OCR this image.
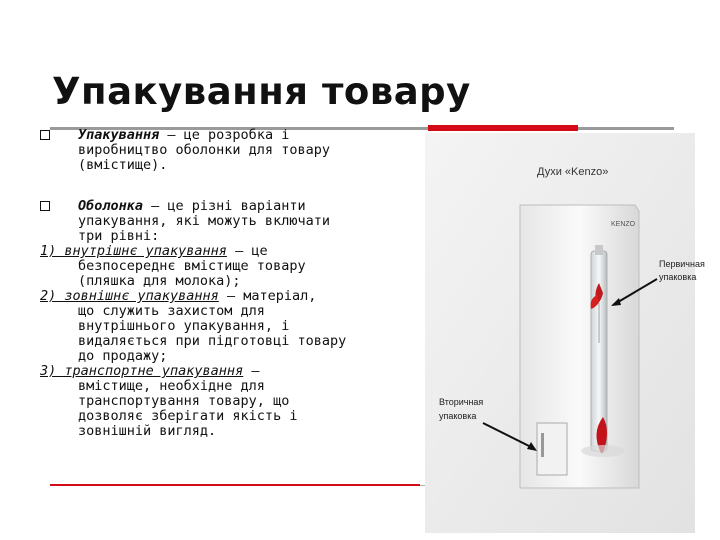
Упакування товару
Упакування – це розробка і
виробництво оболонки для товару
(вмістище).
Оболонка – це різні варіанти
упакування, які можуть включати
три рівні:
1) внутрішнє упакування – це
безпосереднє вмістище товару
(пляшка для молока);
2) зовнішнє упакування – матеріал,
що служить захистом для
внутрішнього упакування, і
видаляється при підготовці товару
до продажу;
3) транспортне упакування –
вмістище, необхідне для
транспортування товару, що
дозволяє зберігати якість і
зовнішній вигляд.
Духи «Kenzo»
KENZO
Первичная
упаковка
Вторичная
упаковка
